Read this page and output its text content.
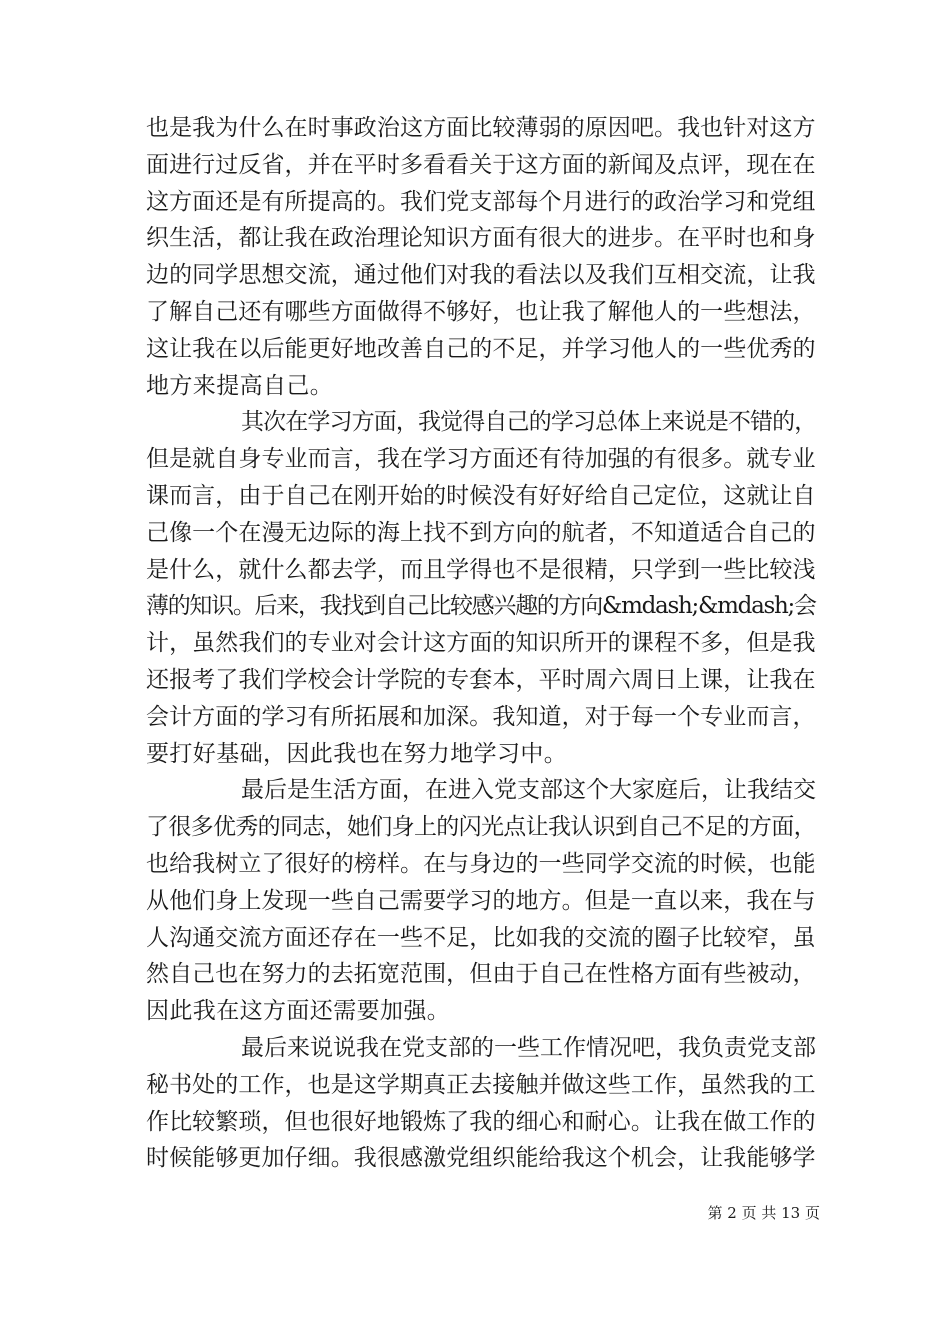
也是我为什么在时事政治这方面比较薄弱的原因吧。我也针对这方
面进行过反省，并在平时多看看关于这方面的新闻及点评，现在在
这方面还是有所提高的。我们党支部每个月进行的政治学习和党组
织生活，都让我在政治理论知识方面有很大的进步。在平时也和身
边的同学思想交流，通过他们对我的看法以及我们互相交流，让我
了解自己还有哪些方面做得不够好，也让我了解他人的一些想法，
这让我在以后能更好地改善自己的不足，并学习他人的一些优秀的
地方来提高自己。
其次在学习方面，我觉得自己的学习总体上来说是不错的，
但是就自身专业而言，我在学习方面还有待加强的有很多。就专业
课而言，由于自己在刚开始的时候没有好好给自己定位，这就让自
己像一个在漫无边际的海上找不到方向的航者，不知道适合自己的
是什么，就什么都去学，而且学得也不是很精，只学到一些比较浅
薄的知识。后来，我找到自己比较感兴趣的方向&mdash;&mdash;会
计，虽然我们的专业对会计这方面的知识所开的课程不多，但是我
还报考了我们学校会计学院的专套本，平时周六周日上课，让我在
会计方面的学习有所拓展和加深。我知道，对于每一个专业而言，
要打好基础，因此我也在努力地学习中。
最后是生活方面，在进入党支部这个大家庭后，让我结交
了很多优秀的同志，她们身上的闪光点让我认识到自己不足的方面，
也给我树立了很好的榜样。在与身边的一些同学交流的时候，也能
从他们身上发现一些自己需要学习的地方。但是一直以来，我在与
人沟通交流方面还存在一些不足，比如我的交流的圈子比较窄，虽
然自己也在努力的去拓宽范围，但由于自己在性格方面有些被动，
因此我在这方面还需要加强。
最后来说说我在党支部的一些工作情况吧，我负责党支部
秘书处的工作，也是这学期真正去接触并做这些工作，虽然我的工
作比较繁琐，但也很好地锻炼了我的细心和耐心。让我在做工作的
时候能够更加仔细。我很感激党组织能给我这个机会，让我能够学
第 2 页 共 13 页
